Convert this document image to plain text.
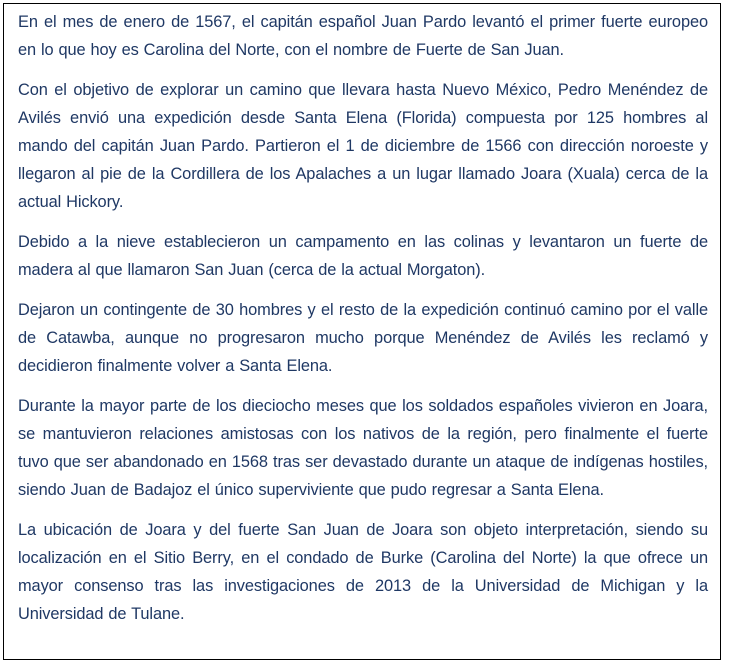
En el mes de enero de 1567, el capitán español Juan Pardo levantó el primer fuerte europeo en lo que hoy es Carolina del Norte, con el nombre de Fuerte de San Juan.

Con el objetivo de explorar un camino que llevara hasta Nuevo México, Pedro Menéndez de Avilés envió una expedición desde Santa Elena (Florida) compuesta por 125 hombres al mando del capitán Juan Pardo. Partieron el 1 de diciembre de 1566 con dirección noroeste y llegaron al pie de la Cordillera de los Apalaches a un lugar llamado Joara (Xuala) cerca de la actual Hickory.

Debido a la nieve establecieron un campamento en las colinas y levantaron un fuerte de madera al que llamaron San Juan (cerca de la actual Morgaton).

Dejaron un contingente de 30 hombres y el resto de la expedición continuó camino por el valle de Catawba, aunque no progresaron mucho porque Menéndez de Avilés les reclamó y decidieron finalmente volver a Santa Elena.

Durante la mayor parte de los dieciocho meses que los soldados españoles vivieron en Joara, se mantuvieron relaciones amistosas con los nativos de la región, pero finalmente el fuerte tuvo que ser abandonado en 1568 tras ser devastado durante un ataque de indígenas hostiles, siendo Juan de Badajoz el único superviviente que pudo regresar a Santa Elena.

La ubicación de Joara y del fuerte San Juan de Joara son objeto interpretación, siendo su localización en el Sitio Berry, en el condado de Burke (Carolina del Norte) la que ofrece un mayor consenso tras las investigaciones de 2013 de la Universidad de Michigan y la Universidad de Tulane.
